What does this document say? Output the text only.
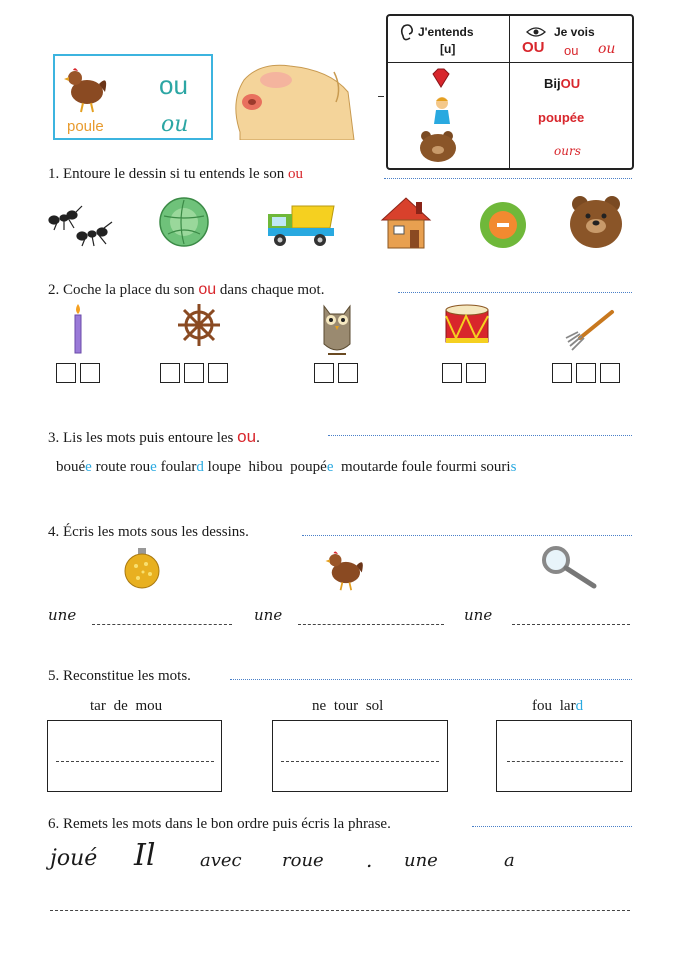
poule
ou
ou
J'entends
[u]
Je vois
OU ou ou
BijOU
poupée
ours
1. Entoure le dessin si tu entends le son ou
2. Coche la place du son ou dans chaque mot.
3. Lis les mots puis entoure les ou.
bouée route roue foulard loupe hibou poupée moutarde foule fourmi souris
4. Écris les mots sous les dessins.
une	une	une
5. Reconstitue les mots.
tar de mou	ne tour sol	fou lard
6. Remets les mots dans le bon ordre puis écris la phrase.
joué Il avec roue . une	a
